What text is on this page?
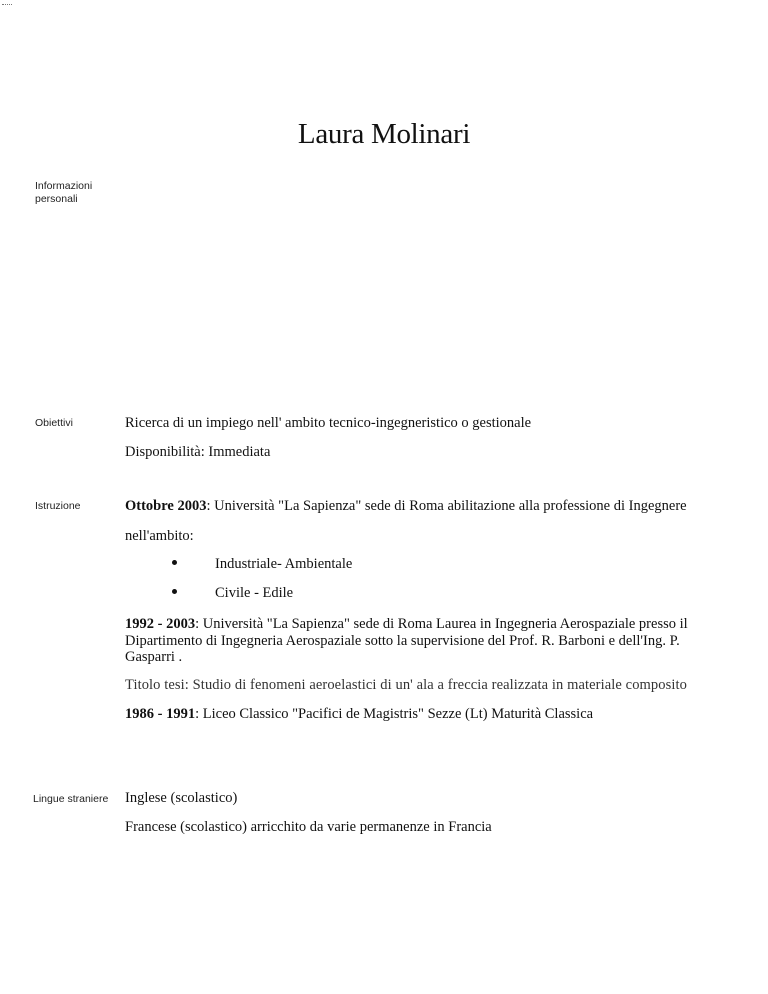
Laura Molinari
Informazioni personali
Obiettivi	Ricerca di un impiego nell' ambito tecnico-ingegneristico o gestionale
Disponibilità: Immediata
Istruzione	Ottobre 2003: Università "La Sapienza" sede di Roma abilitazione alla professione di Ingegnere
nell'ambito:
Industriale- Ambientale
Civile - Edile
1992 - 2003: Università "La Sapienza" sede di Roma Laurea in Ingegneria Aerospaziale presso il Dipartimento di Ingegneria Aerospaziale sotto la supervisione del Prof. R. Barboni e dell'Ing. P. Gasparri .
Titolo tesi: Studio di fenomeni aeroelastici di un' ala a freccia realizzata in materiale composito
1986 - 1991: Liceo Classico "Pacifici de Magistris" Sezze (Lt) Maturità Classica
Lingue straniere Inglese (scolastico)
Francese (scolastico) arricchito da varie permanenze in Francia
